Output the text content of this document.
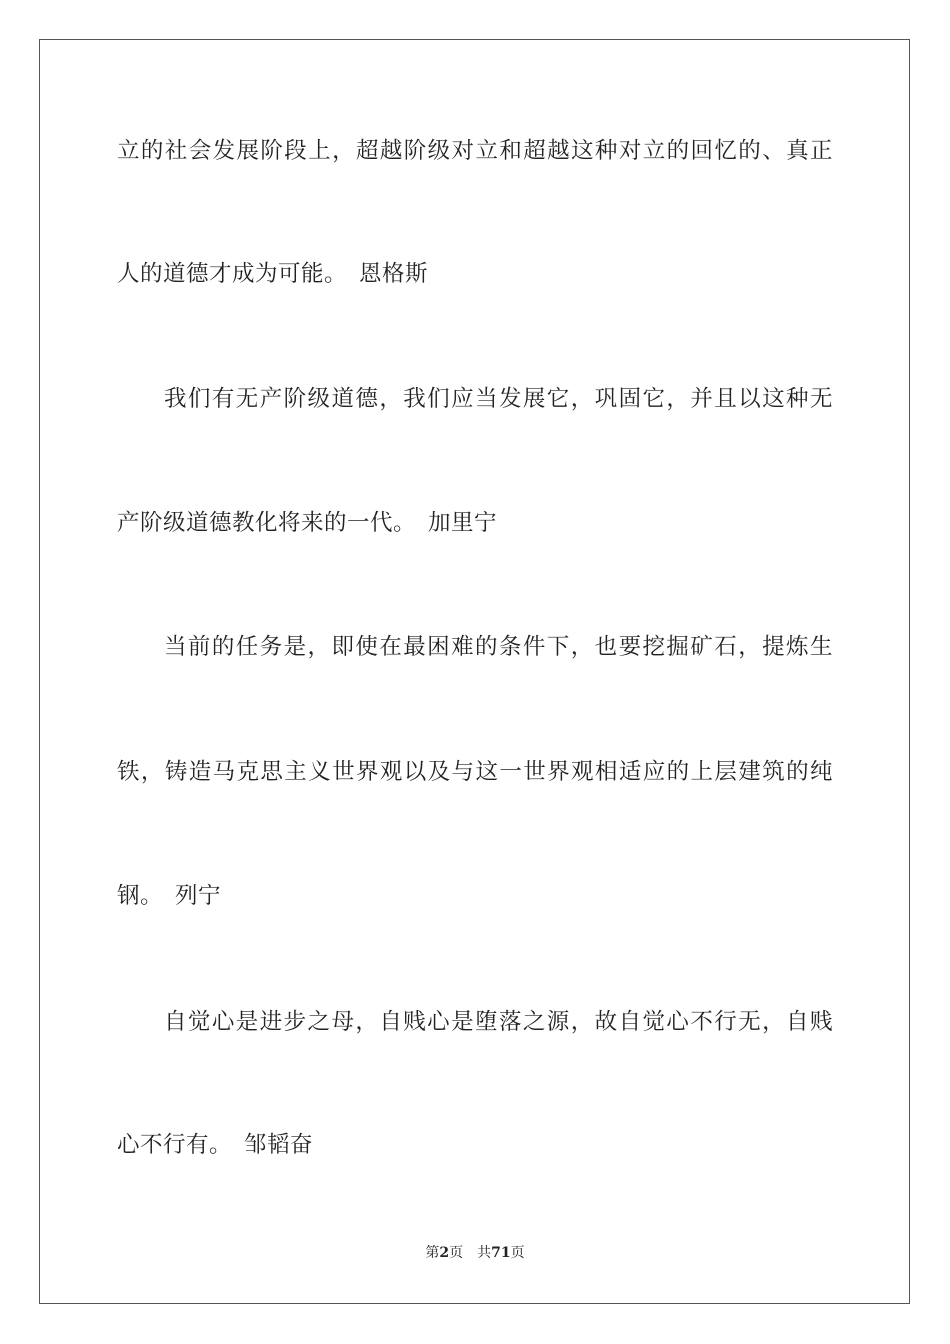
立的社会发展阶段上，超越阶级对立和超越这种对立的回忆的、真正
人的道德才成为可能。 恩格斯
我们有无产阶级道德，我们应当发展它，巩固它，并且以这种无
产阶级道德教化将来的一代。 加里宁
当前的任务是，即使在最困难的条件下，也要挖掘矿石，提炼生
铁，铸造马克思主义世界观以及与这一世界观相适应的上层建筑的纯
钢。 列宁
自觉心是进步之母，自贱心是堕落之源，故自觉心不行无，自贱
心不行有。 邹韬奋
第2页 共71页
